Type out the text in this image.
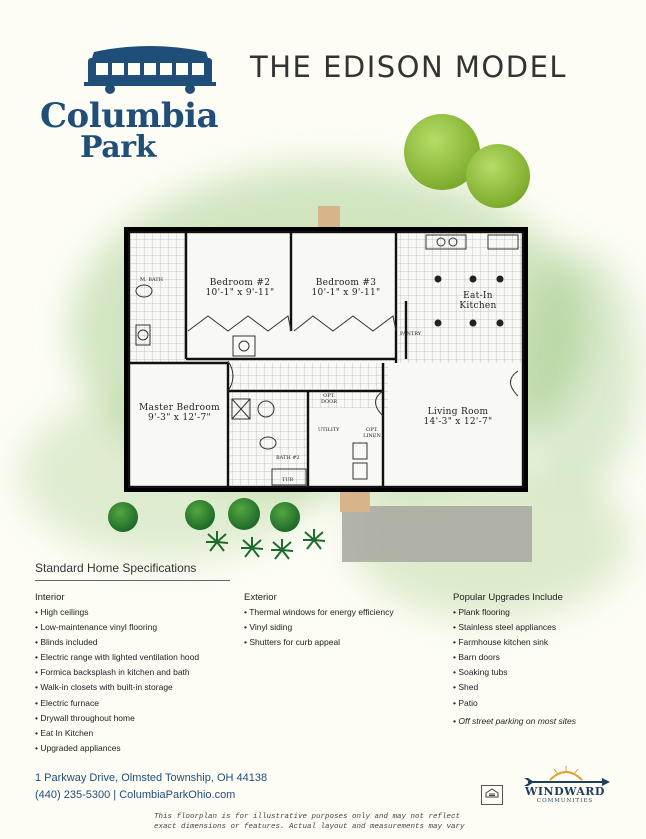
Columbia
Park
THE EDISON MODEL
Bedroom #2
10'-1" x 9'-11"
Bedroom #3
10'-1" x 9'-11"	Eat-In Kitchen
Master Bedroom
9'-3" x 12'-7"
Living Room
14'-3" x 12'-7"
M. BATH
BATH #2
UTILITY
PANTRY
OPT. DOOR
OPT. LINEN
TUB
Standard Home Specifications
Interior
• High ceilings
• Low-maintenance vinyl flooring
• Blinds included
• Electric range with lighted ventilation hood
• Formica backsplash in kitchen and bath
• Walk-in closets with built-in storage
• Electric furnace
• Drywall throughout home
• Eat In Kitchen
• Upgraded appliances
Exterior
• Thermal windows for energy efficiency
• Vinyl siding
• Shutters for curb appeal
Popular Upgrades Include
• Plank flooring
• Stainless steel appliances
• Farmhouse kitchen sink
• Barn doors
• Soaking tubs
• Shed
• Patio
• Off street parking on most sites
1 Parkway Drive, Olmsted Township, OH 44138
(440) 235-5300 | ColumbiaParkOhio.com
This floorplan is for illustrative purposes only and may not reflect
exact dimensions or features. Actual layout and measurements may vary
WINDWARD
COMMUNITIES
